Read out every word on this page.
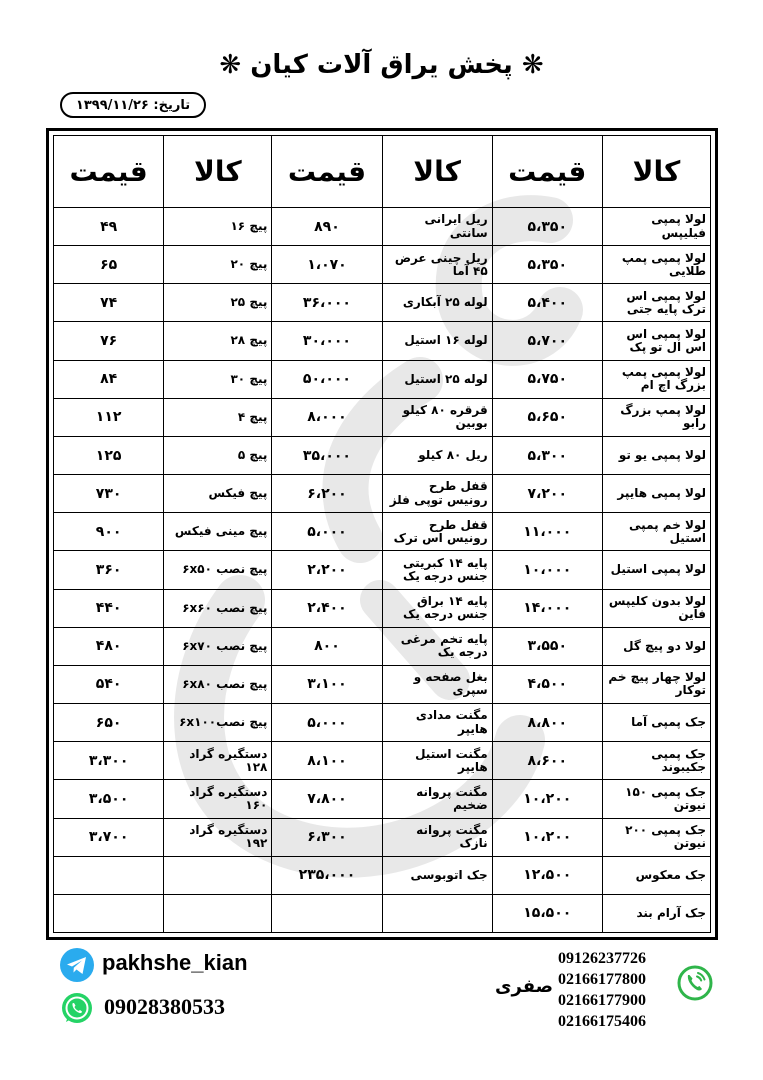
❋ پخش یراق آلات کیان ❋
تاریخ: ۱۳۹۹/۱۱/۲۶
کالا	قیمت	کالا	قیمت	کالا	قیمت
لولا پمپی فیلیپس	۵،۳۵۰	ریل ایرانی سانتی	۸۹۰	پیچ ۱۶	۴۹
لولا پمپی پمپ طلایی	۵،۳۵۰	ریل چینی عرض ۴۵ آما	۱،۰۷۰	پیچ ۲۰	۶۵
لولا پمپی اس ترک پایه جتی	۵،۴۰۰	لوله ۲۵ آبکاری	۳۶،۰۰۰	پیچ ۲۵	۷۴
لولا پمپی اس اس ال تو پک	۵،۷۰۰	لوله ۱۶ استیل	۳۰،۰۰۰	پیچ ۲۸	۷۶
لولا پمپی پمپ بزرگ اچ ام	۵،۷۵۰	لوله ۲۵ استیل	۵۰،۰۰۰	پیچ ۳۰	۸۴
لولا پمپ بزرگ رابو	۵،۶۵۰	قرقره ۸۰ کیلو بوبین	۸،۰۰۰	پیچ ۴	۱۱۲
لولا پمپی یو تو	۵،۳۰۰	ریل ۸۰ کیلو	۳۵،۰۰۰	پیچ ۵	۱۲۵
لولا پمپی هایپر	۷،۲۰۰	قفل طرح رونیس توپی فلز	۶،۲۰۰	پیچ فیکس	۷۳۰
لولا خم پمپی استیل	۱۱،۰۰۰	قفل طرح رونیس اس ترک	۵،۰۰۰	پیچ مینی فیکس	۹۰۰
لولا پمپی استیل	۱۰،۰۰۰	پایه ۱۴ کبریتی جنس درجه یک	۲،۲۰۰	پیچ نصب ۶x۵۰	۳۶۰
لولا بدون کلیپس فاین	۱۴،۰۰۰	پایه ۱۴ براق جنس درجه یک	۲،۴۰۰	پیچ نصب ۶x۶۰	۴۴۰
لولا دو پیچ گل	۳،۵۵۰	پایه تخم مرغی درجه یک	۸۰۰	پیچ نصب ۶x۷۰	۴۸۰
لولا چهار پیچ خم توکار	۴،۵۰۰	بغل صفحه و سپری	۳،۱۰۰	پیچ نصب ۶x۸۰	۵۴۰
جک پمپی آما	۸،۸۰۰	مگنت مدادی هایپر	۵،۰۰۰	پیچ نصب۶x۱۰۰	۶۵۰
جک پمپی جکیبوند	۸،۶۰۰	مگنت استیل هایپر	۸،۱۰۰	دستگیره گراد ۱۲۸	۳،۳۰۰
جک پمپی ۱۵۰ نیوتن	۱۰،۲۰۰	مگنت پروانه ضخیم	۷،۸۰۰	دستگیره گراد ۱۶۰	۳،۵۰۰
جک پمپی ۲۰۰ نیوتن	۱۰،۲۰۰	مگنت پروانه نازک	۶،۳۰۰	دستگیره گراد ۱۹۲	۳،۷۰۰
جک معکوس	۱۲،۵۰۰	جک اتوبوسی	۲۳۵،۰۰۰		
جک آرام بند	۱۵،۵۰۰				
pakhshe_kian
09028380533
صفری
09126237726
02166177800
02166177900
02166175406
